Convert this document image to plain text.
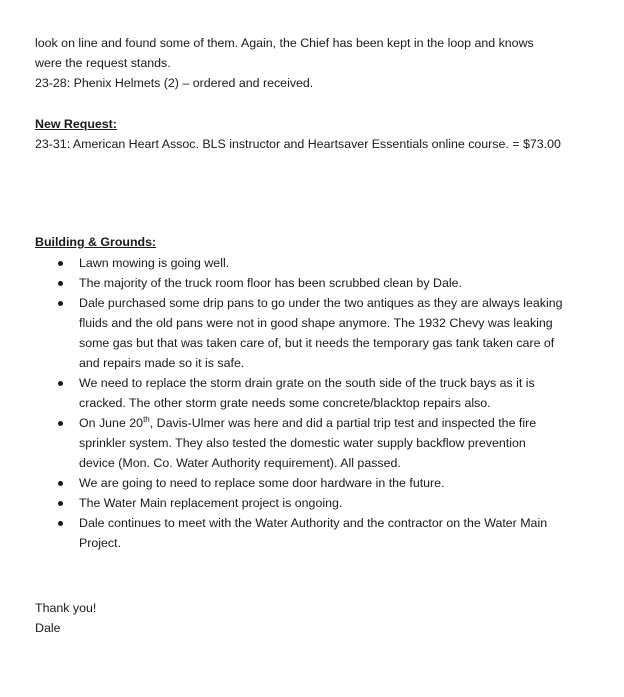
look on line and found some of them. Again, the Chief has been kept in the loop and knows
were the request stands.
23-28: Phenix Helmets (2) – ordered and received.
New Request:
23-31: American Heart Assoc. BLS instructor and Heartsaver Essentials online course. = $73.00
Building & Grounds:
Lawn mowing is going well.
The majority of the truck room floor has been scrubbed clean by Dale.
Dale purchased some drip pans to go under the two antiques as they are always leaking
fluids and the old pans were not in good shape anymore. The 1932 Chevy was leaking
some gas but that was taken care of, but it needs the temporary gas tank taken care of
and repairs made so it is safe.
We need to replace the storm drain grate on the south side of the truck bays as it is
cracked. The other storm grate needs some concrete/blacktop repairs also.
On June 20th, Davis-Ulmer was here and did a partial trip test and inspected the fire
sprinkler system. They also tested the domestic water supply backflow prevention
device (Mon. Co. Water Authority requirement). All passed.
We are going to need to replace some door hardware in the future.
The Water Main replacement project is ongoing.
Dale continues to meet with the Water Authority and the contractor on the Water Main
Project.
Thank you!
Dale
